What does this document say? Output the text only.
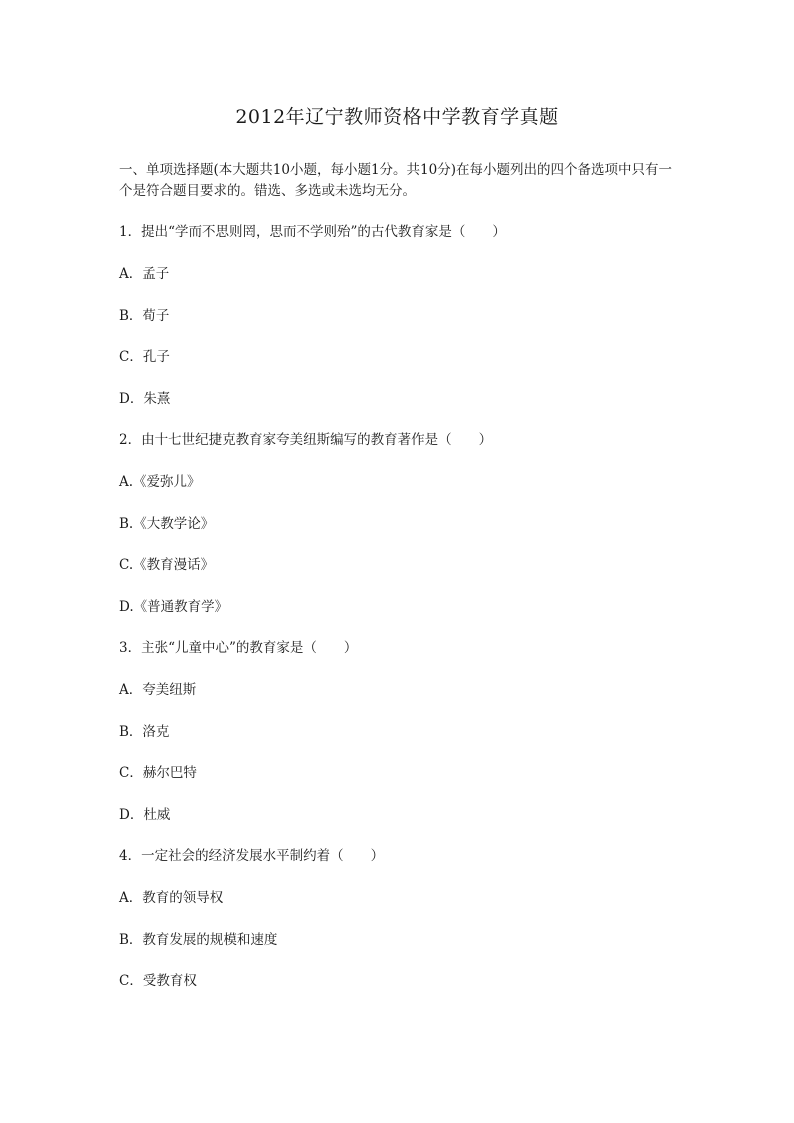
2012年辽宁教师资格中学教育学真题

一、单项选择题(本大题共10小题，每小题1分。共10分)在每小题列出的四个备选项中只有一个是符合题目要求的。错选、多选或未选均无分。

1．提出“学而不思则罔，思而不学则殆”的古代教育家是（　　）

A．孟子

B．荀子

C．孔子

D．朱熹

2．由十七世纪捷克教育家夸美纽斯编写的教育著作是（　　）

A.《爱弥儿》

B.《大教学论》

C.《教育漫话》

D.《普通教育学》

3．主张“儿童中心”的教育家是（　　）

A．夸美纽斯

B．洛克

C．赫尔巴特

D．杜威

4．一定社会的经济发展水平制约着（　　）

A．教育的领导权

B．教育发展的规模和速度

C．受教育权
